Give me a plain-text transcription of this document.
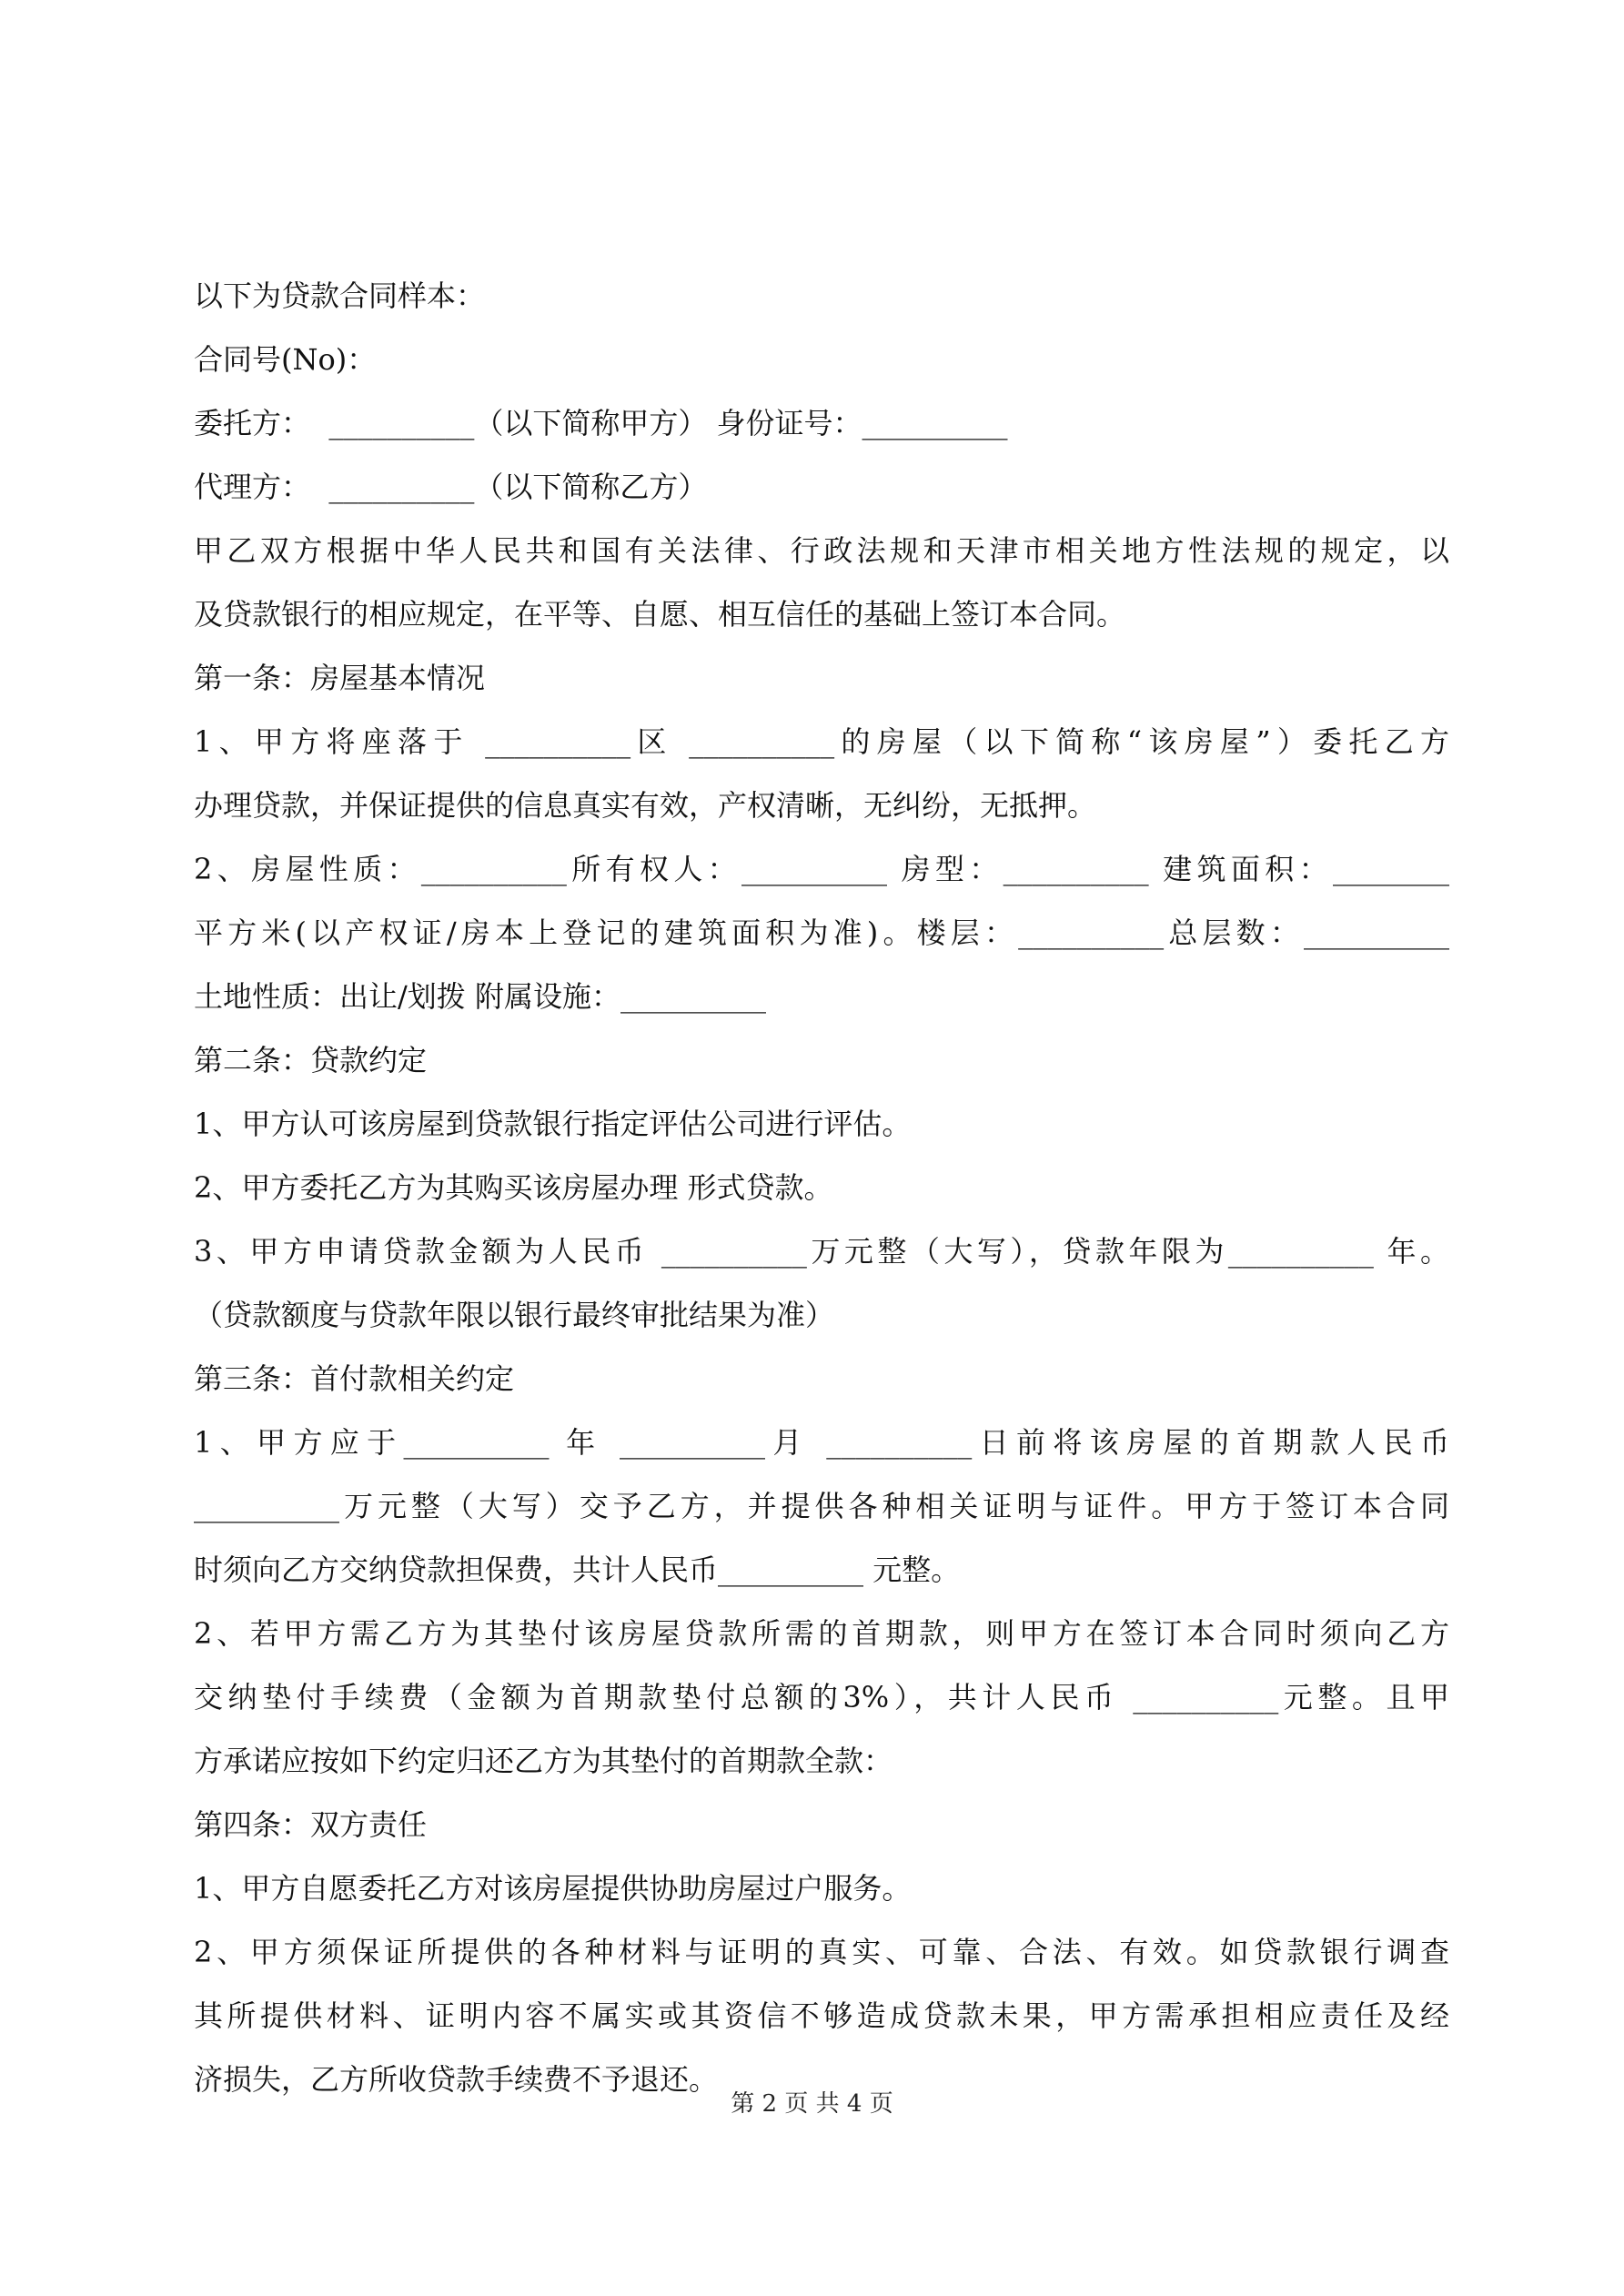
以下为贷款合同样本：
合同号(No)：
委托方：  __________（以下简称甲方） 身份证号：__________
代理方：  __________（以下简称乙方）
甲乙双方根据中华人民共和国有关法律、行政法规和天津市相关地方性法规的规定，以
及贷款银行的相应规定，在平等、自愿、相互信任的基础上签订本合同。
第一条：房屋基本情况
1、甲方将座落于 __________区 __________的房屋（以下简称“该房屋”）委托乙方
办理贷款，并保证提供的信息真实有效，产权清晰，无纠纷，无抵押。
2、房屋性质：__________所有权人：__________ 房型：__________ 建筑面积：________
平方米(以产权证/房本上登记的建筑面积为准)。楼层：__________总层数：__________
土地性质：出让/划拨 附属设施：__________
第二条：贷款约定
1、甲方认可该房屋到贷款银行指定评估公司进行评估。
2、甲方委托乙方为其购买该房屋办理 形式贷款。
3、甲方申请贷款金额为人民币 __________万元整（大写），贷款年限为__________ 年。
（贷款额度与贷款年限以银行最终审批结果为准）
第三条：首付款相关约定
1、甲方应于__________ 年 __________月 __________日前将该房屋的首期款人民币
__________万元整（大写）交予乙方，并提供各种相关证明与证件。甲方于签订本合同
时须向乙方交纳贷款担保费，共计人民币__________ 元整。
2、若甲方需乙方为其垫付该房屋贷款所需的首期款，则甲方在签订本合同时须向乙方
交纳垫付手续费（金额为首期款垫付总额的3%），共计人民币 __________元整。且甲
方承诺应按如下约定归还乙方为其垫付的首期款全款：
第四条：双方责任
1、甲方自愿委托乙方对该房屋提供协助房屋过户服务。
2、甲方须保证所提供的各种材料与证明的真实、可靠、合法、有效。如贷款银行调查
其所提供材料、证明内容不属实或其资信不够造成贷款未果，甲方需承担相应责任及经
济损失，乙方所收贷款手续费不予退还。
第 2 页 共 4 页
